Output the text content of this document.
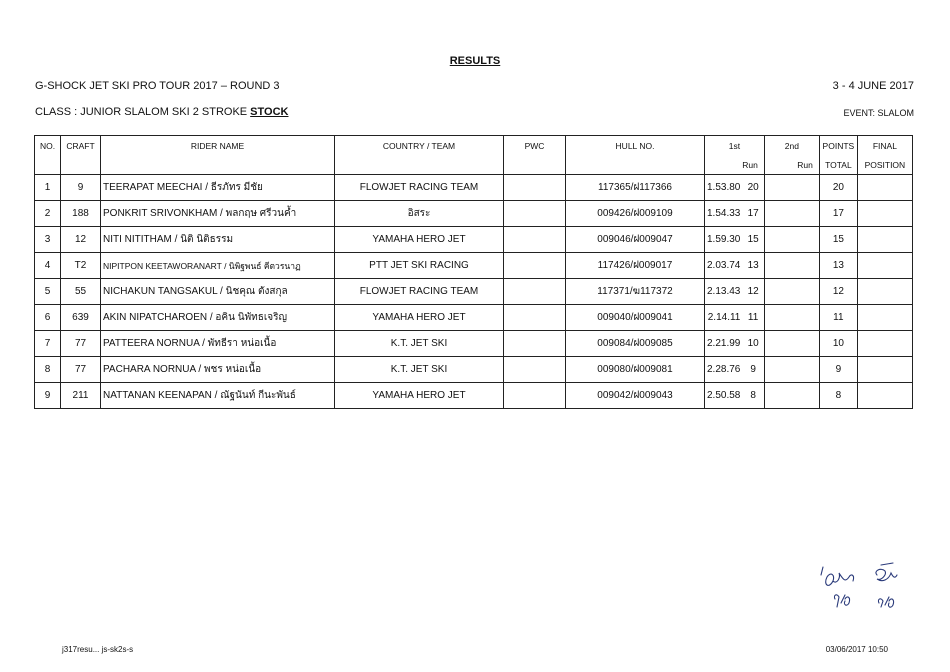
RESULTS
G-SHOCK JET SKI PRO TOUR 2017 – ROUND 3	3 - 4 JUNE 2017
CLASS : JUNIOR SLALOM SKI 2 STROKE STOCK	EVENT: SLALOM
NO.	CRAFT	RIDER NAME	COUNTRY / TEAM	PWC	HULL NO.	1st		2nd		POINTS	FINAL
						Run		Run		TOTAL	POSITION
1	9	TEERAPAT MEECHAI / ธีรภัทร มีชัย	FLOWJET RACING TEAM		117365/ฝ117366	1.53.80	20			20	
2	188	PONKRIT SRIVONKHAM / พลกฤษ ศรีวนค้ำ	อิสระ		009426/ฝ009109	1.54.33	17			17	
3	12	NITI NITITHAM / นิติ นิติธรรม	YAMAHA HERO JET		009046/ฝ009047	1.59.30	15			15	
4	T2	NIPITPON KEETAWORANART / นิพิฐพนธ์ คีตวรนาฏ	PTT JET SKI RACING		117426/ฝ009017	2.03.74	13			13	
5	55	NICHAKUN TANGSAKUL / นิชคุณ ตังสกุล	FLOWJET RACING TEAM		117371/ฆ117372	2.13.43	12			12	
6	639	AKIN NIPATCHAROEN / อคิน นิพัทธเจริญ	YAMAHA HERO JET		009040/ฝ009041	2.14.11	11			11	
7	77	PATTEERA NORNUA / พัทธีรา หน่อเนื้อ	K.T. JET SKI		009084/ฝ009085	2.21.99	10			10	
8	77	PACHARA NORNUA / พชร หน่อเนื้อ	K.T. JET SKI		009080/ฝ009081	2.28.76	9			9	
9	211	NATTANAN KEENAPAN / ณัฐนันท์ กีนะพันธ์	YAMAHA HERO JET		009042/ฝ009043	2.50.58	8			8	
j317resu... js-sk2s-s	03/06/2017 10:50
